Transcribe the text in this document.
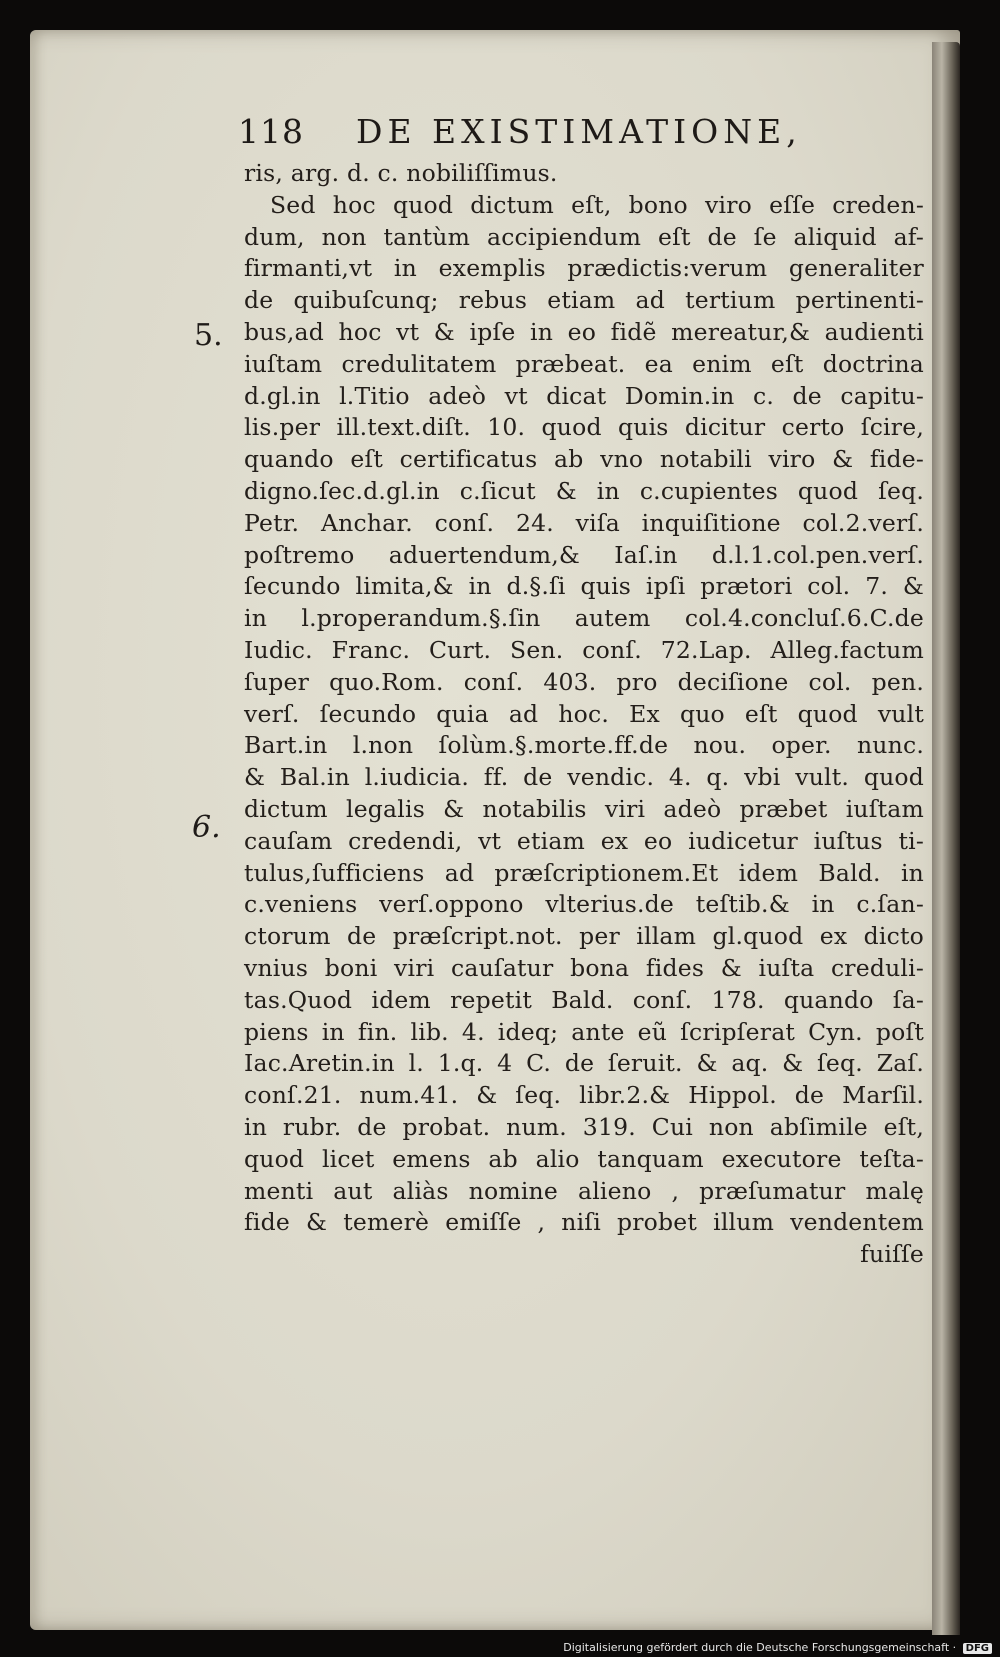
118 DE EXISTIMATIONE,
5.
6.
ris, arg. d. c. nobiliſſimus.
Sed hoc quod dictum eſt, bono viro eſſe creden-
dum, non tantùm accipiendum eſt de ſe aliquid af-
firmanti,vt in exemplis prædictis:verum generaliter
de quibuſcunq; rebus etiam ad tertium pertinenti-
bus,ad hoc vt & ipſe in eo fidẽ mereatur,& audienti
iuſtam credulitatem præbeat. ea enim eſt doctrina
d.gl.in l.Titio adeò vt dicat Domin.in c. de capitu-
lis.per ill.text.diſt. 10. quod quis dicitur certo ſcire,
quando eſt certificatus ab vno notabili viro & fide-
digno.ſec.d.gl.in c.ſicut & in c.cupientes quod ſeq.
Petr. Anchar. conſ. 24. viſa inquiſitione col.2.verſ.
poſtremo aduertendum,& Iaſ.in d.l.1.col.pen.verſ.
ſecundo limita,& in d.§.ſi quis ipſi prætori col. 7. &
in l.properandum.§.ſin autem col.4.concluſ.6.C.de
Iudic. Franc. Curt. Sen. conſ. 72.Lap. Alleg.factum
ſuper quo.Rom. conſ. 403. pro deciſione col. pen.
verſ. ſecundo quia ad hoc. Ex quo eſt quod vult
Bart.in l.non ſolùm.§.morte.ff.de nou. oper. nunc.
& Bal.in l.iudicia. ff. de vendic. 4. q. vbi vult. quod
dictum legalis & notabilis viri adeò præbet iuſtam
cauſam credendi, vt etiam ex eo iudicetur iuſtus ti-
tulus,ſufficiens ad præſcriptionem.Et idem Bald. in
c.veniens verſ.oppono vlterius.de teſtib.& in c.ſan-
ctorum de præſcript.not. per illam gl.quod ex dicto
vnius boni viri cauſatur bona fides & iuſta creduli-
tas.Quod idem repetit Bald. conſ. 178. quando ſa-
piens in fin. lib. 4. ideq; ante eũ ſcripſerat Cyn. poſt
Iac.Aretin.in l. 1.q. 4 C. de ſeruit. & aq. & ſeq. Zaſ.
conſ.21. num.41. & ſeq. libr.2.& Hippol. de Marſil.
in rubr. de probat. num. 319. Cui non abſimile eſt,
quod licet emens ab alio tanquam executore teſta-
menti aut aliàs nomine alieno , præſumatur malę
fide & temerè emiſſe , niſi probet illum vendentem
fuiſſe
Digitalisierung gefördert durch die Deutsche Forschungsgemeinschaft · DFG
